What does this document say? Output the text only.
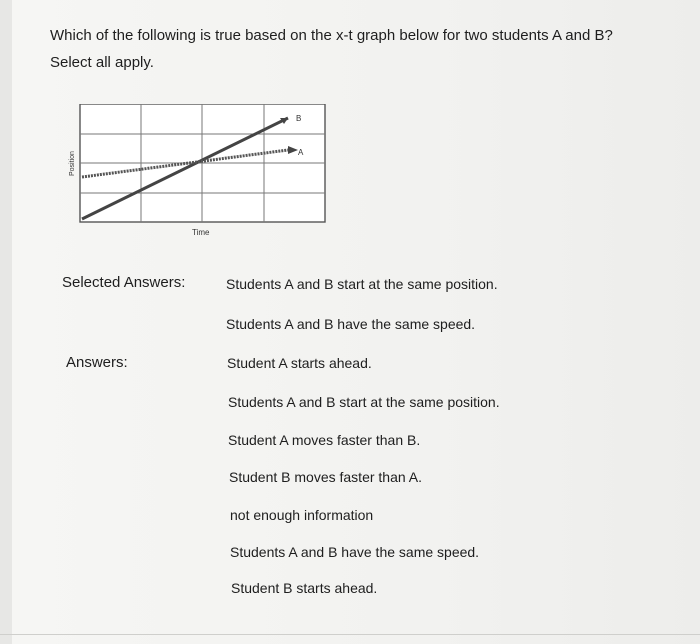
Which of the following is true based on the x-t graph below for two students A and B?
Select all apply.
B
A
Position
Time
Selected Answers:	Students A and B start at the same position.
Students A and B have the same speed.
Answers:	Student A starts ahead.
Students A and B start at the same position.
Student A moves faster than B.
Student B moves faster than A.
not enough information
Students A and B have the same speed.
Student B starts ahead.
